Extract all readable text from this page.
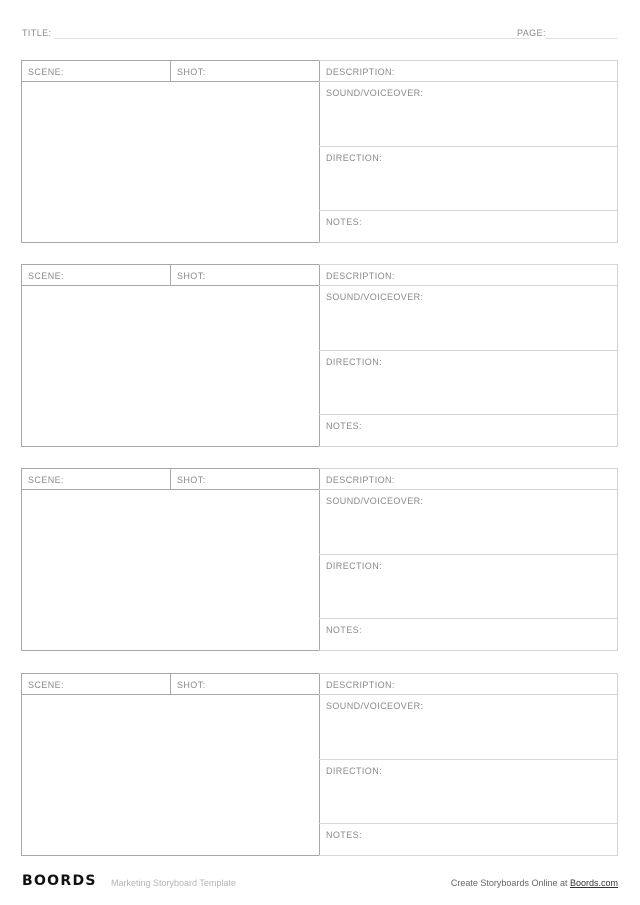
TITLE:	PAGE:
SCENE:	SHOT:	DESCRIPTION:
SOUND/VOICEOVER:
DIRECTION:
NOTES:
SCENE:	SHOT:	DESCRIPTION:
SOUND/VOICEOVER:
DIRECTION:
NOTES:
SCENE:	SHOT:	DESCRIPTION:
SOUND/VOICEOVER:
DIRECTION:
NOTES:
SCENE:	SHOT:	DESCRIPTION:
SOUND/VOICEOVER:
DIRECTION:
NOTES:
BOORDS Marketing Storyboard Template	Create Storyboards Online at Boords.com
